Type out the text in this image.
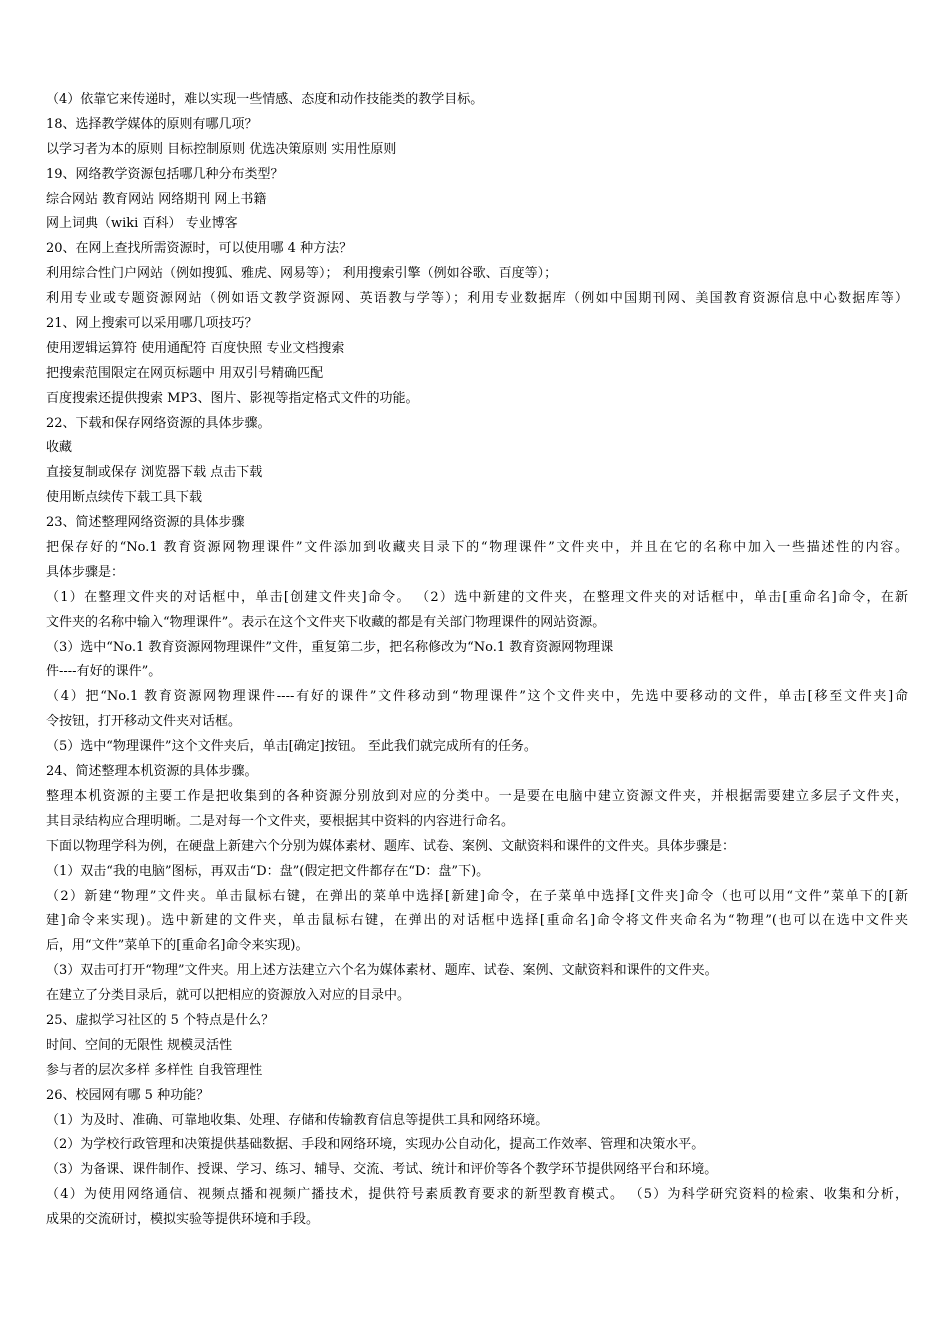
（4）依靠它来传递时，难以实现一些情感、态度和动作技能类的教学目标。
18、选择教学媒体的原则有哪几项？
以学习者为本的原则 目标控制原则 优选决策原则 实用性原则
19、网络教学资源包括哪几种分布类型？
综合网站 教育网站 网络期刊 网上书籍
网上词典（wiki 百科） 专业博客
20、在网上查找所需资源时，可以使用哪 4 种方法？
利用综合性门户网站（例如搜狐、雅虎、网易等）； 利用搜索引擎（例如谷歌、百度等）；
利用专业或专题资源网站（例如语文教学资源网、英语教与学等）；利用专业数据库（例如中国期刊网、美国教育资源信息中心数据库等）
21、网上搜索可以采用哪几项技巧？
使用逻辑运算符 使用通配符 百度快照 专业文档搜索
把搜索范围限定在网页标题中 用双引号精确匹配
百度搜索还提供搜索 MP3、图片、影视等指定格式文件的功能。
22、下载和保存网络资源的具体步骤。
收藏
直接复制或保存 浏览器下载 点击下载
使用断点续传下载工具下载
23、简述整理网络资源的具体步骤
把保存好的“No.1 教育资源网物理课件”文件添加到收藏夹目录下的“物理课件”文件夹中，并且在它的名称中加入一些描述性的内容。
具体步骤是：
（1）在整理文件夹的对话框中，单击[创建文件夹]命令。 （2）选中新建的文件夹，在整理文件夹的对话框中，单击[重命名]命令，在新
文件夹的名称中输入“物理课件”。表示在这个文件夹下收藏的都是有关部门物理课件的网站资源。
（3）选中“No.1 教育资源网物理课件”文件，重复第二步，把名称修改为“No.1 教育资源网物理课
件----有好的课件”。
（4）把“No.1 教育资源网物理课件----有好的课件”文件移动到“物理课件”这个文件夹中，先选中要移动的文件，单击[移至文件夹]命
令按钮，打开移动文件夹对话框。
（5）选中“物理课件”这个文件夹后，单击[确定]按钮。 至此我们就完成所有的任务。
24、简述整理本机资源的具体步骤。
整理本机资源的主要工作是把收集到的各种资源分别放到对应的分类中。一是要在电脑中建立资源文件夹，并根据需要建立多层子文件夹，
其目录结构应合理明晰。二是对每一个文件夹，要根据其中资料的内容进行命名。
下面以物理学科为例，在硬盘上新建六个分别为媒体素材、题库、试卷、案例、文献资料和课件的文件夹。具体步骤是：
（1）双击“我的电脑”图标，再双击“D：盘”(假定把文件都存在“D：盘”下)。
（2）新建“物理”文件夹。单击鼠标右键，在弹出的菜单中选择[新建]命令，在子菜单中选择[文件夹]命令（也可以用“文件”菜单下的[新
建]命令来实现)。选中新建的文件夹，单击鼠标右键，在弹出的对话框中选择[重命名]命令将文件夹命名为“物理”(也可以在选中文件夹
后，用“文件”菜单下的[重命名]命令来实现)。
（3）双击可打开“物理”文件夹。用上述方法建立六个名为媒体素材、题库、试卷、案例、文献资料和课件的文件夹。
在建立了分类目录后，就可以把相应的资源放入对应的目录中。
25、虚拟学习社区的 5 个特点是什么？
时间、空间的无限性 规模灵活性
参与者的层次多样 多样性 自我管理性
26、校园网有哪 5 种功能？
（1）为及时、准确、可靠地收集、处理、存储和传输教育信息等提供工具和网络环境。
（2）为学校行政管理和决策提供基础数据、手段和网络环境，实现办公自动化，提高工作效率、管理和决策水平。
（3）为备课、课件制作、授课、学习、练习、辅导、交流、考试、统计和评价等各个教学环节提供网络平台和环境。
（4）为使用网络通信、视频点播和视频广播技术，提供符号素质教育要求的新型教育模式。 （5）为科学研究资料的检索、收集和分析，
成果的交流研讨，模拟实验等提供环境和手段。
